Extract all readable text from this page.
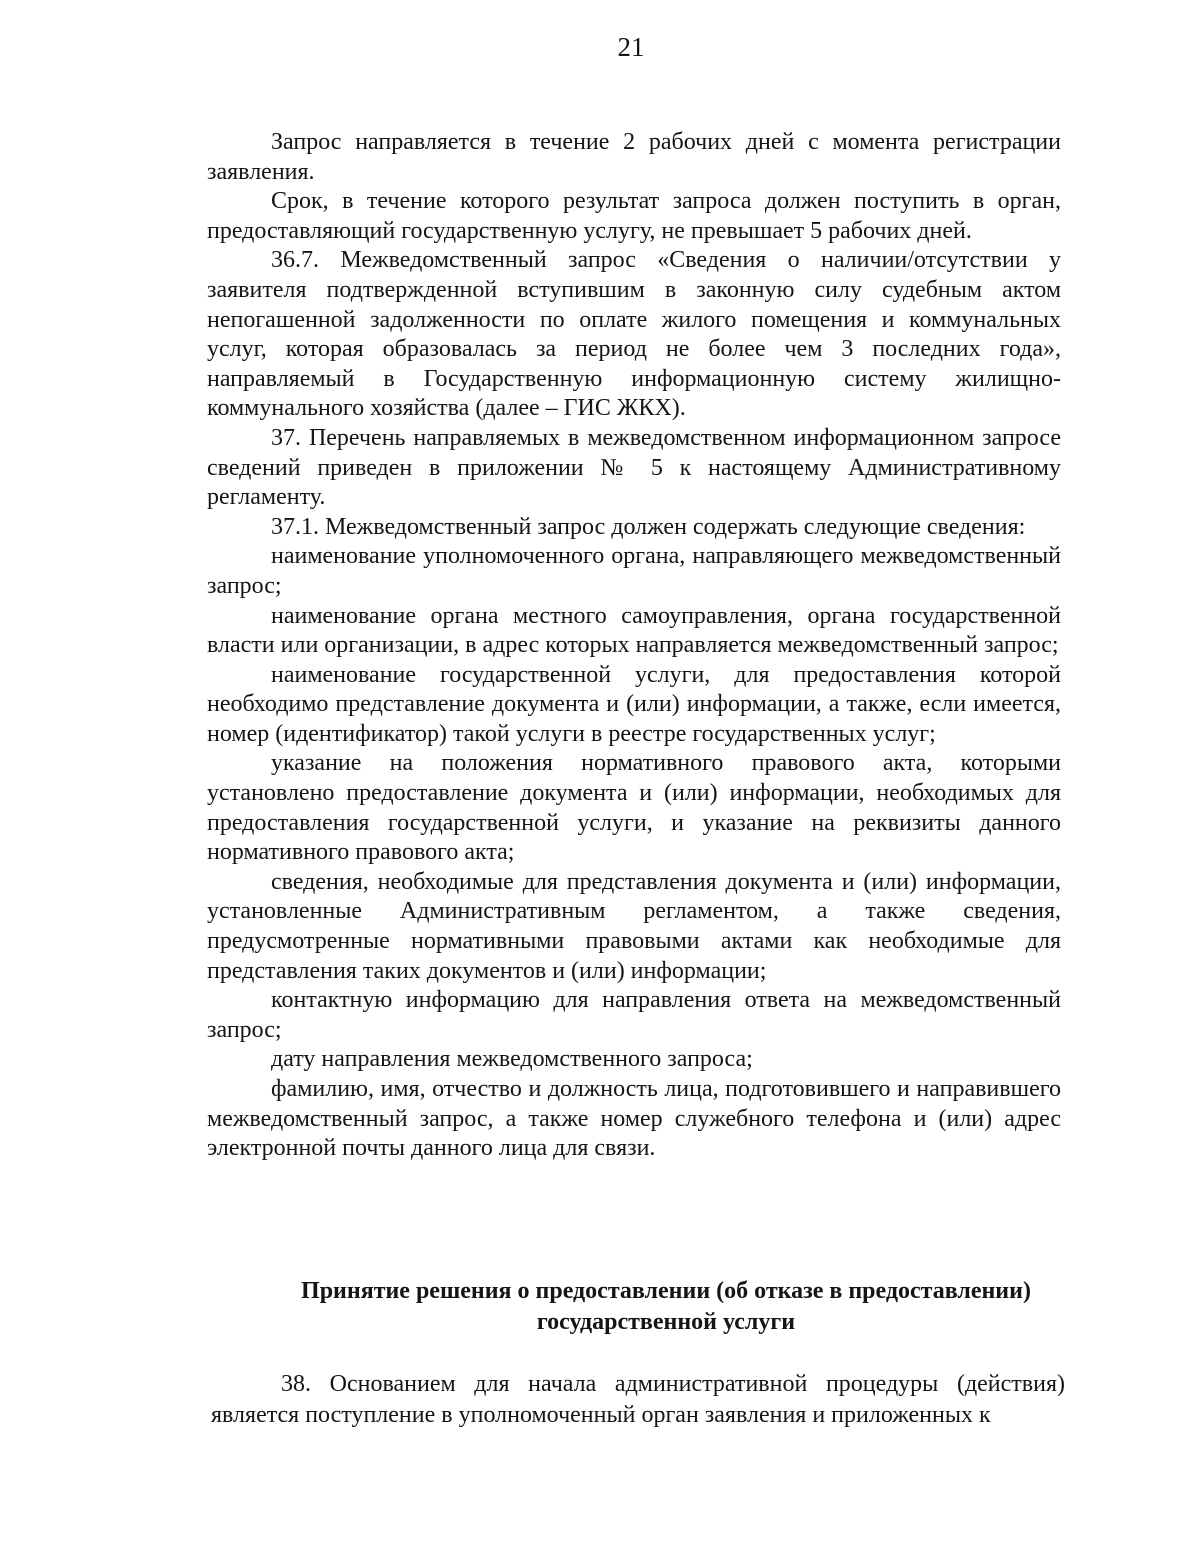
21

Запрос направляется в течение 2 рабочих дней с момента регистрации заявления.

Срок, в течение которого результат запроса должен поступить в орган, предоставляющий государственную услугу, не превышает 5 рабочих дней.

36.7. Межведомственный запрос «Сведения о наличии/отсутствии у заявителя подтвержденной вступившим в законную силу судебным актом непогашенной задолженности по оплате жилого помещения и коммунальных услуг, которая образовалась за период не более чем 3 последних года», направляемый в Государственную информационную систему жилищно-коммунального хозяйства (далее – ГИС ЖКХ).

37. Перечень направляемых в межведомственном информационном запросе сведений приведен в приложении № 5 к настоящему Административному регламенту.

37.1. Межведомственный запрос должен содержать следующие сведения:

наименование уполномоченного органа, направляющего межведомственный запрос;

наименование органа местного самоуправления, органа государственной власти или организации, в адрес которых направляется межведомственный запрос;

наименование государственной услуги, для предоставления которой необходимо представление документа и (или) информации, а также, если имеется, номер (идентификатор) такой услуги в реестре государственных услуг;

указание на положения нормативного правового акта, которыми установлено предоставление документа и (или) информации, необходимых для предоставления государственной услуги, и указание на реквизиты данного нормативного правового акта;

сведения, необходимые для представления документа и (или) информации, установленные Административным регламентом, а также сведения, предусмотренные нормативными правовыми актами как необходимые для представления таких документов и (или) информации;

контактную информацию для направления ответа на межведомственный запрос;

дату направления межведомственного запроса;

фамилию, имя, отчество и должность лица, подготовившего и направившего межведомственный запрос, а также номер служебного телефона и (или) адрес электронной почты данного лица для связи.

Принятие решения о предоставлении (об отказе в предоставлении)
государственной услуги

38. Основанием для начала административной процедуры (действия) является поступление в уполномоченный орган заявления и приложенных к
